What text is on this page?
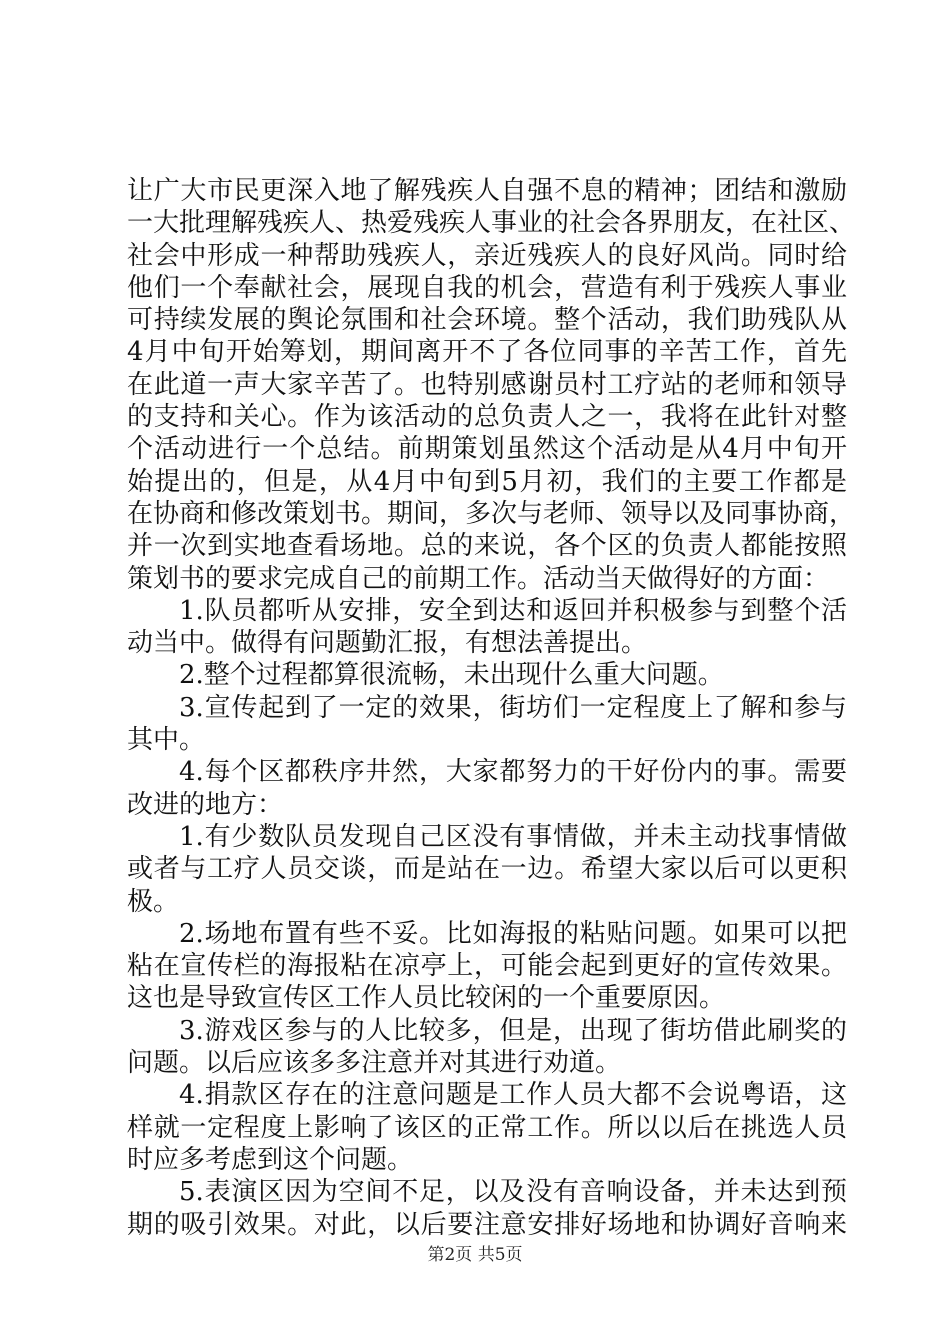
让广大市民更深入地了解残疾人自强不息的精神；团结和激励
一大批理解残疾人、热爱残疾人事业的社会各界朋友，在社区、
社会中形成一种帮助残疾人，亲近残疾人的良好风尚。同时给
他们一个奉献社会，展现自我的机会，营造有利于残疾人事业
可持续发展的舆论氛围和社会环境。整个活动，我们助残队从
4月中旬开始筹划，期间离开不了各位同事的辛苦工作，首先
在此道一声大家辛苦了。也特别感谢员村工疗站的老师和领导
的支持和关心。作为该活动的总负责人之一，我将在此针对整
个活动进行一个总结。前期策划虽然这个活动是从4月中旬开
始提出的，但是，从4月中旬到5月初，我们的主要工作都是
在协商和修改策划书。期间，多次与老师、领导以及同事协商，
并一次到实地查看场地。总的来说，各个区的负责人都能按照
策划书的要求完成自己的前期工作。活动当天做得好的方面：
1.队员都听从安排，安全到达和返回并积极参与到整个活
动当中。做得有问题勤汇报，有想法善提出。
2.整个过程都算很流畅，未出现什么重大问题。
3.宣传起到了一定的效果，街坊们一定程度上了解和参与
其中。
4.每个区都秩序井然，大家都努力的干好份内的事。需要
改进的地方：
1.有少数队员发现自己区没有事情做，并未主动找事情做
或者与工疗人员交谈，而是站在一边。希望大家以后可以更积
极。
2.场地布置有些不妥。比如海报的粘贴问题。如果可以把
粘在宣传栏的海报粘在凉亭上，可能会起到更好的宣传效果。
这也是导致宣传区工作人员比较闲的一个重要原因。
3.游戏区参与的人比较多，但是，出现了街坊借此刷奖的
问题。以后应该多多注意并对其进行劝道。
4.捐款区存在的注意问题是工作人员大都不会说粤语，这
样就一定程度上影响了该区的正常工作。所以以后在挑选人员
时应多考虑到这个问题。
5.表演区因为空间不足，以及没有音响设备，并未达到预
期的吸引效果。对此，以后要注意安排好场地和协调好音响来
第2页 共5页
